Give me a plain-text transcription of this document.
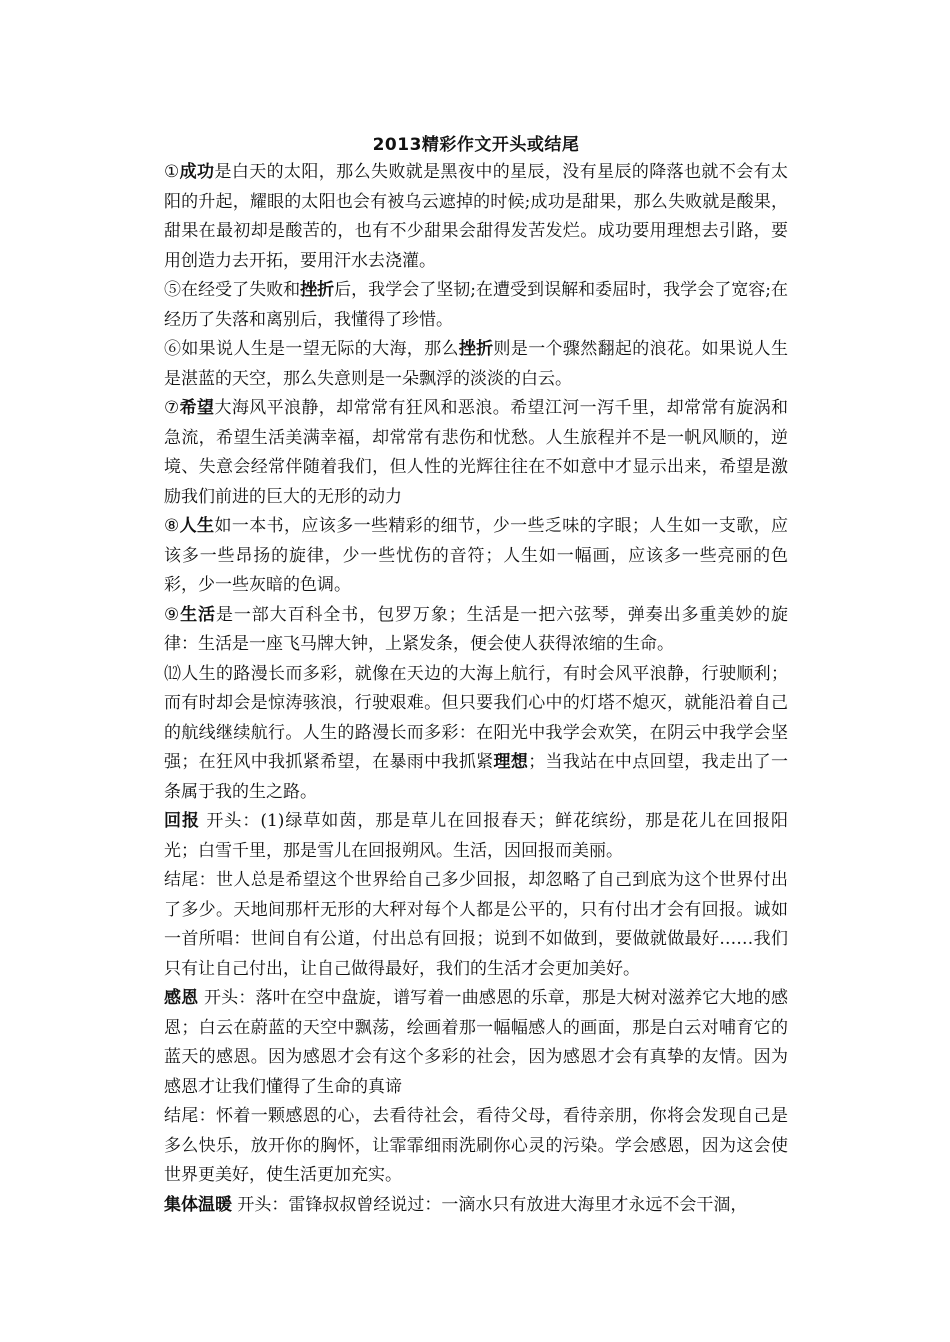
2013精彩作文开头或结尾

①成功是白天的太阳，那么失败就是黑夜中的星辰，没有星辰的降落也就不会有太阳的升起，耀眼的太阳也会有被乌云遮掉的时候;成功是甜果，那么失败就是酸果，甜果在最初却是酸苦的，也有不少甜果会甜得发苦发烂。成功要用理想去引路，要用创造力去开拓，要用汗水去浇灌。

⑤在经受了失败和挫折后，我学会了坚韧;在遭受到误解和委屈时，我学会了宽容;在经历了失落和离别后，我懂得了珍惜。

⑥如果说人生是一望无际的大海，那么挫折则是一个骤然翻起的浪花。如果说人生是湛蓝的天空，那么失意则是一朵飘浮的淡淡的白云。

⑦希望大海风平浪静，却常常有狂风和恶浪。希望江河一泻千里，却常常有旋涡和急流，希望生活美满幸福，却常常有悲伤和忧愁。人生旅程并不是一帆风顺的，逆境、失意会经常伴随着我们，但人性的光辉往往在不如意中才显示出来，希望是激励我们前进的巨大的无形的动力

⑧人生如一本书，应该多一些精彩的细节，少一些乏味的字眼；人生如一支歌，应该多一些昂扬的旋律，少一些忧伤的音符；人生如一幅画，应该多一些亮丽的色彩，少一些灰暗的色调。

⑨生活是一部大百科全书，包罗万象；生活是一把六弦琴，弹奏出多重美妙的旋律：生活是一座飞马牌大钟，上紧发条，便会使人获得浓缩的生命。

⑿人生的路漫长而多彩，就像在天边的大海上航行，有时会风平浪静，行驶顺利；而有时却会是惊涛骇浪，行驶艰难。但只要我们心中的灯塔不熄灭，就能沿着自己的航线继续航行。人生的路漫长而多彩：在阳光中我学会欢笑，在阴云中我学会坚强；在狂风中我抓紧希望，在暴雨中我抓紧理想；当我站在中点回望，我走出了一条属于我的生之路。

回报 开头：(1)绿草如茵，那是草儿在回报春天；鲜花缤纷，那是花儿在回报阳光；白雪千里，那是雪儿在回报朔风。生活，因回报而美丽。

结尾：世人总是希望这个世界给自己多少回报，却忽略了自己到底为这个世界付出了多少。天地间那杆无形的大秤对每个人都是公平的，只有付出才会有回报。诚如一首所唱：世间自有公道，付出总有回报；说到不如做到，要做就做最好……我们只有让自己付出，让自己做得最好，我们的生活才会更加美好。

感恩 开头：落叶在空中盘旋，谱写着一曲感恩的乐章，那是大树对滋养它大地的感恩；白云在蔚蓝的天空中飘荡，绘画着那一幅幅感人的画面，那是白云对哺育它的蓝天的感恩。因为感恩才会有这个多彩的社会，因为感恩才会有真挚的友情。因为感恩才让我们懂得了生命的真谛

结尾：怀着一颗感恩的心，去看待社会，看待父母，看待亲朋，你将会发现自己是多么快乐，放开你的胸怀，让霏霏细雨洗刷你心灵的污染。学会感恩，因为这会使世界更美好，使生活更加充实。

集体温暖 开头：雷锋叔叔曾经说过：一滴水只有放进大海里才永远不会干涸，
